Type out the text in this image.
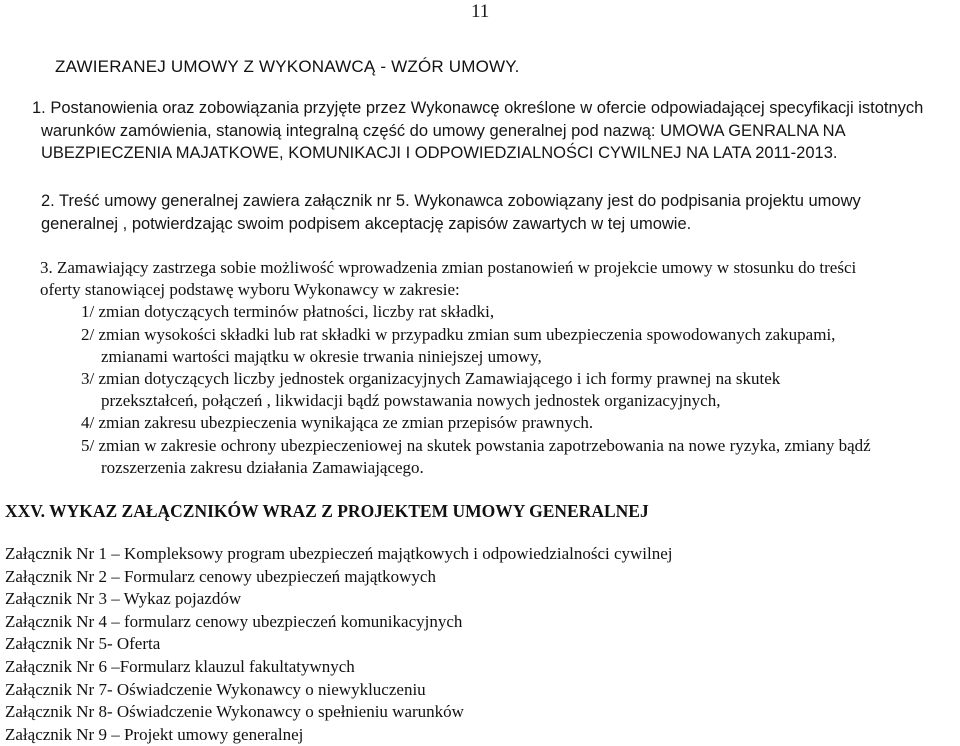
11
ZAWIERANEJ UMOWY Z WYKONAWCĄ - WZÓR UMOWY.
1. Postanowienia oraz zobowiązania przyjęte przez Wykonawcę określone w ofercie odpowiadającej specyfikacji istotnych
warunków zamówienia, stanowią integralną część do umowy generalnej pod nazwą: UMOWA GENRALNA NA
UBEZPIECZENIA MAJATKOWE, KOMUNIKACJI I ODPOWIEDZIALNOŚCI CYWILNEJ NA LATA 2011-2013.
2. Treść umowy generalnej zawiera załącznik nr 5. Wykonawca zobowiązany jest do podpisania projektu umowy
generalnej , potwierdzając swoim podpisem akceptację zapisów zawartych w tej umowie.
3. Zamawiający zastrzega sobie możliwość wprowadzenia zmian postanowień w projekcie umowy w stosunku do treści
oferty stanowiącej podstawę wyboru Wykonawcy w zakresie:
1/ zmian dotyczących terminów płatności, liczby rat składki,
2/ zmian wysokości składki lub rat składki w przypadku zmian sum ubezpieczenia spowodowanych zakupami,
zmianami wartości majątku w okresie trwania niniejszej umowy,
3/ zmian dotyczących liczby jednostek organizacyjnych Zamawiającego i ich formy prawnej na skutek
przekształceń, połączeń , likwidacji bądź powstawania nowych jednostek organizacyjnych,
4/ zmian zakresu ubezpieczenia wynikająca ze zmian przepisów prawnych.
5/ zmian w zakresie ochrony ubezpieczeniowej na skutek powstania zapotrzebowania na nowe ryzyka, zmiany bądź
rozszerzenia zakresu działania Zamawiającego.
XXV. WYKAZ ZAŁĄCZNIKÓW WRAZ Z PROJEKTEM UMOWY GENERALNEJ
Załącznik Nr 1 – Kompleksowy program ubezpieczeń majątkowych i odpowiedzialności cywilnej
Załącznik Nr 2 – Formularz cenowy ubezpieczeń majątkowych
Załącznik Nr 3 – Wykaz pojazdów
Załącznik Nr 4 – formularz cenowy ubezpieczeń komunikacyjnych
Załącznik Nr 5- Oferta
Załącznik Nr 6 –Formularz klauzul fakultatywnych
Załącznik Nr 7- Oświadczenie Wykonawcy o niewykluczeniu
Załącznik Nr 8- Oświadczenie Wykonawcy o spełnieniu warunków
Załącznik Nr 9 – Projekt umowy generalnej
